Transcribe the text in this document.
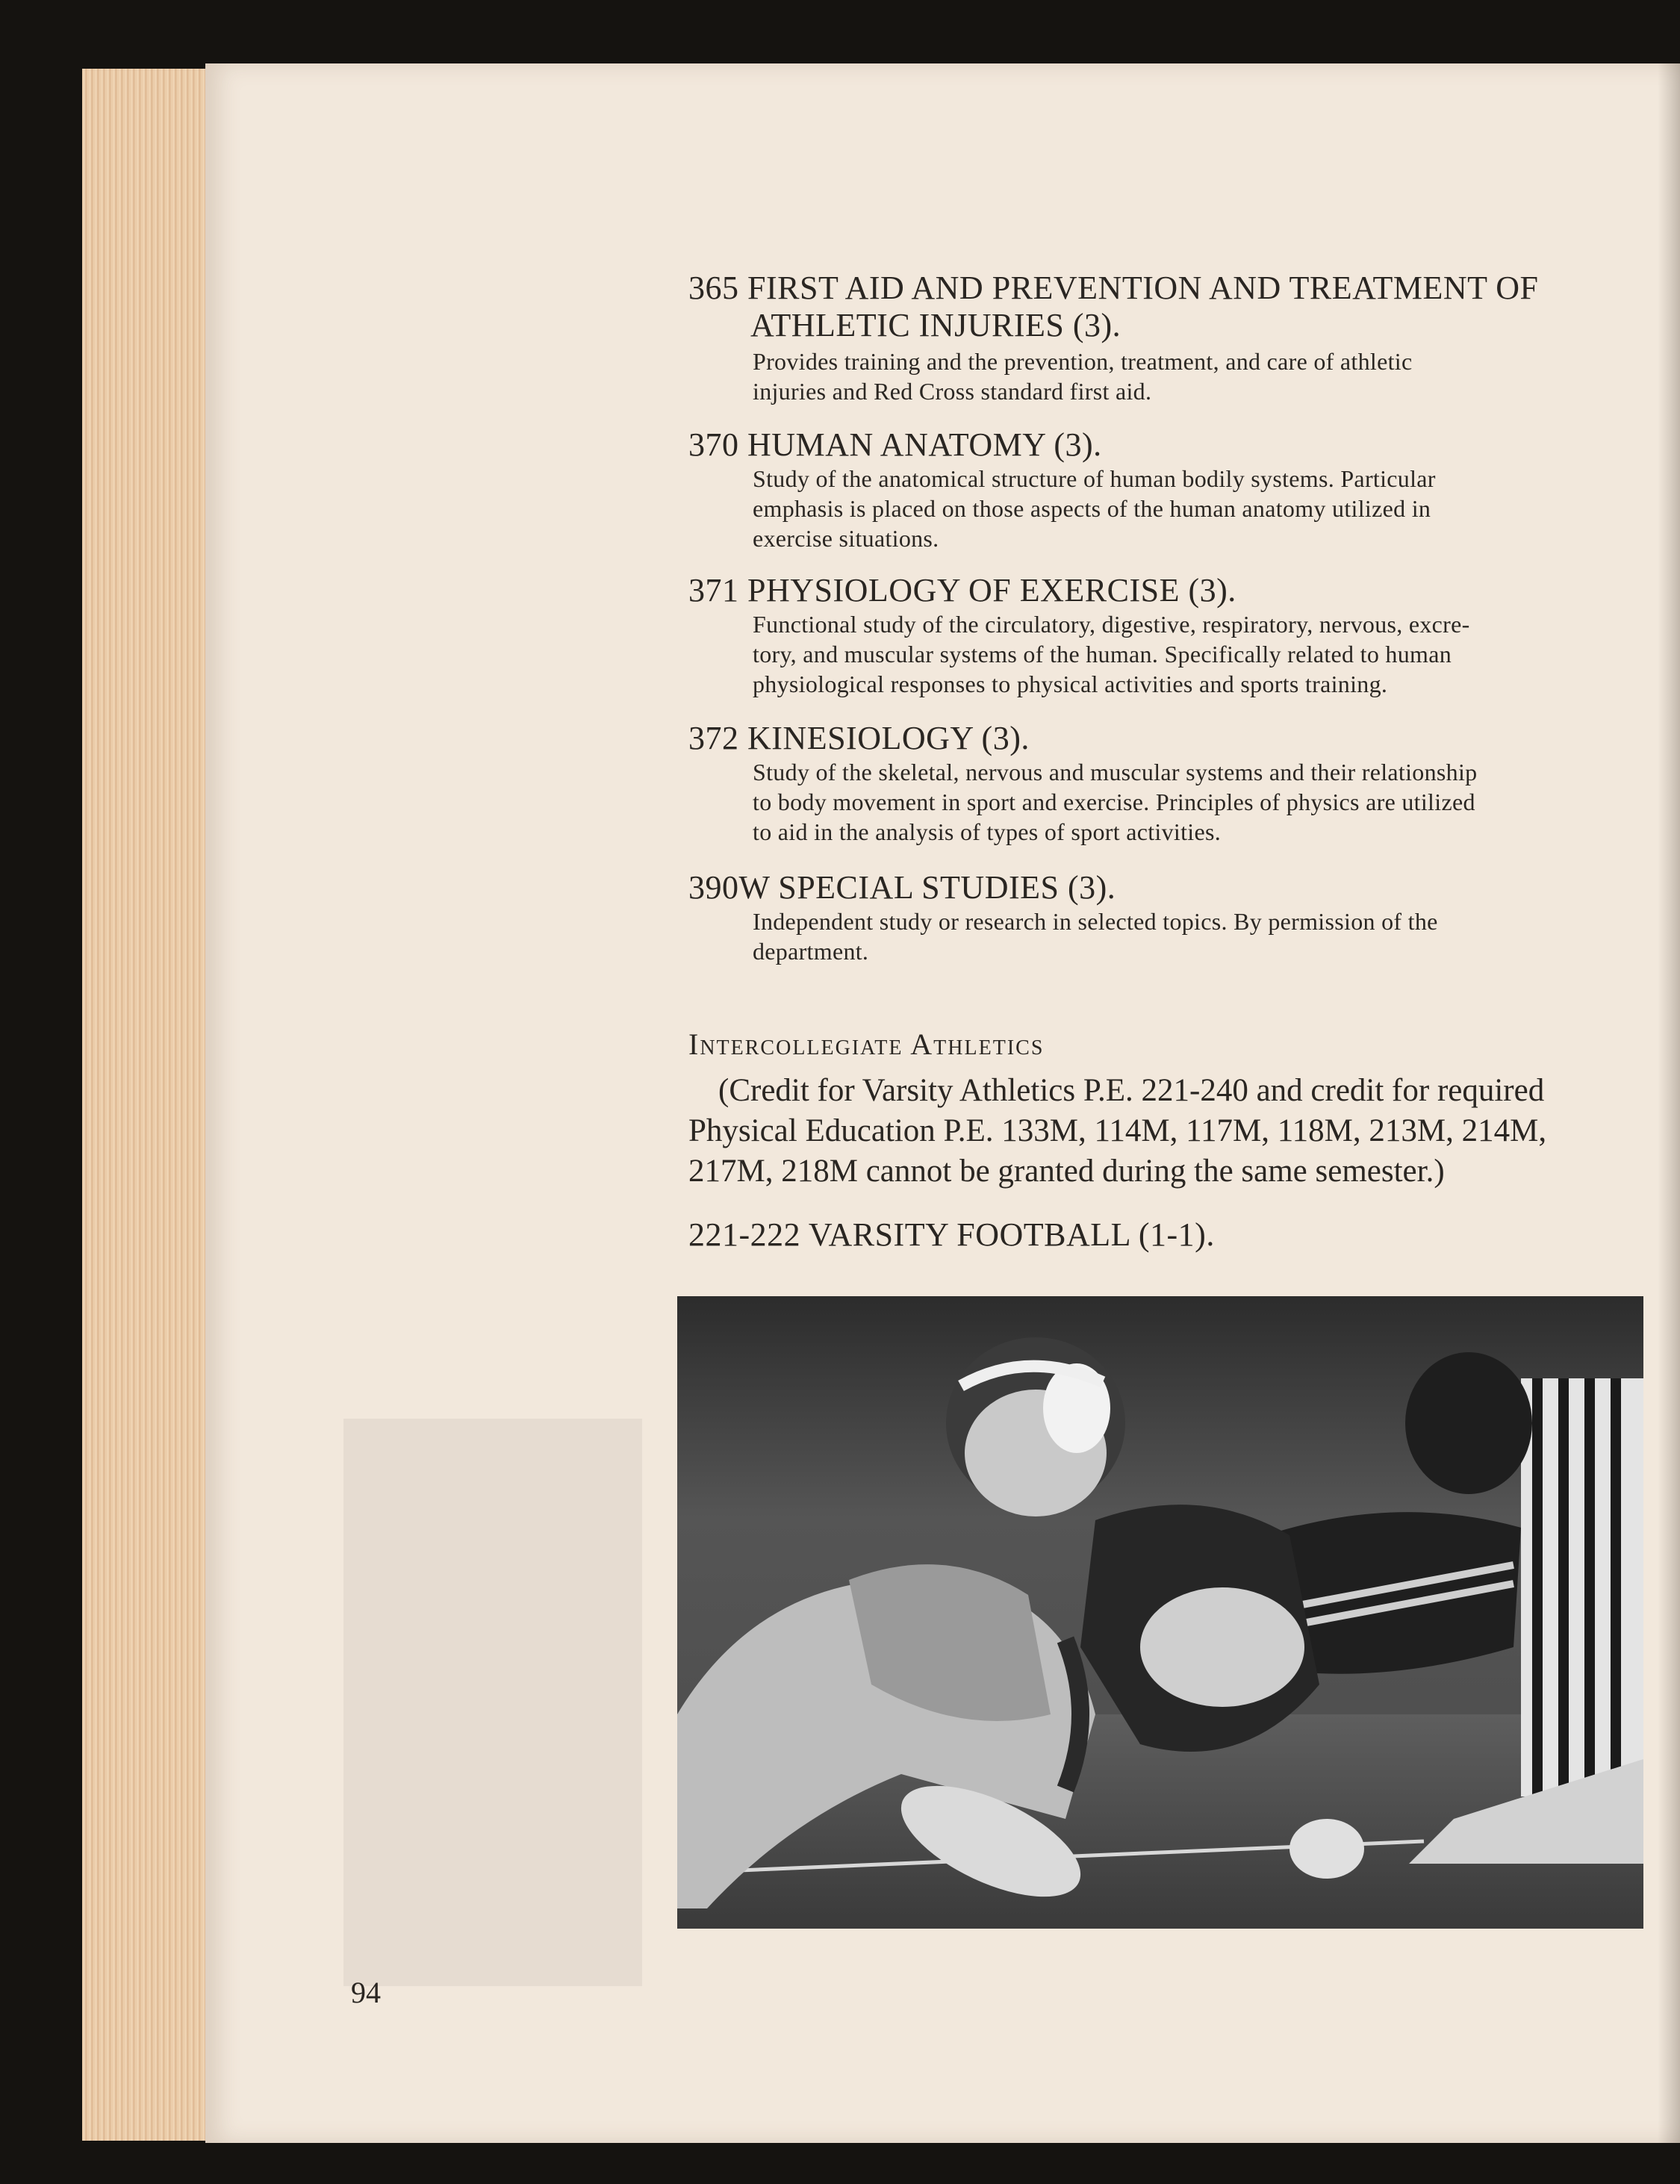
365 FIRST AID AND PREVENTION AND TREATMENT OF
ATHLETIC INJURIES (3).
Provides training and the prevention, treatment, and care of athletic
injuries and Red Cross standard first aid.
370 HUMAN ANATOMY (3).
Study of the anatomical structure of human bodily systems. Particular
emphasis is placed on those aspects of the human anatomy utilized in
exercise situations.
371 PHYSIOLOGY OF EXERCISE (3).
Functional study of the circulatory, digestive, respiratory, nervous, excre-
tory, and muscular systems of the human. Specifically related to human
physiological responses to physical activities and sports training.
372 KINESIOLOGY (3).
Study of the skeletal, nervous and muscular systems and their relationship
to body movement in sport and exercise. Principles of physics are utilized
to aid in the analysis of types of sport activities.
390W SPECIAL STUDIES (3).
Independent study or research in selected topics. By permission of the
department.
Intercollegiate Athletics
(Credit for Varsity Athletics P.E. 221-240 and credit for required
Physical Education P.E. 133M, 114M, 117M, 118M, 213M, 214M,
217M, 218M cannot be granted during the same semester.)
221-222 VARSITY FOOTBALL (1-1).
94
